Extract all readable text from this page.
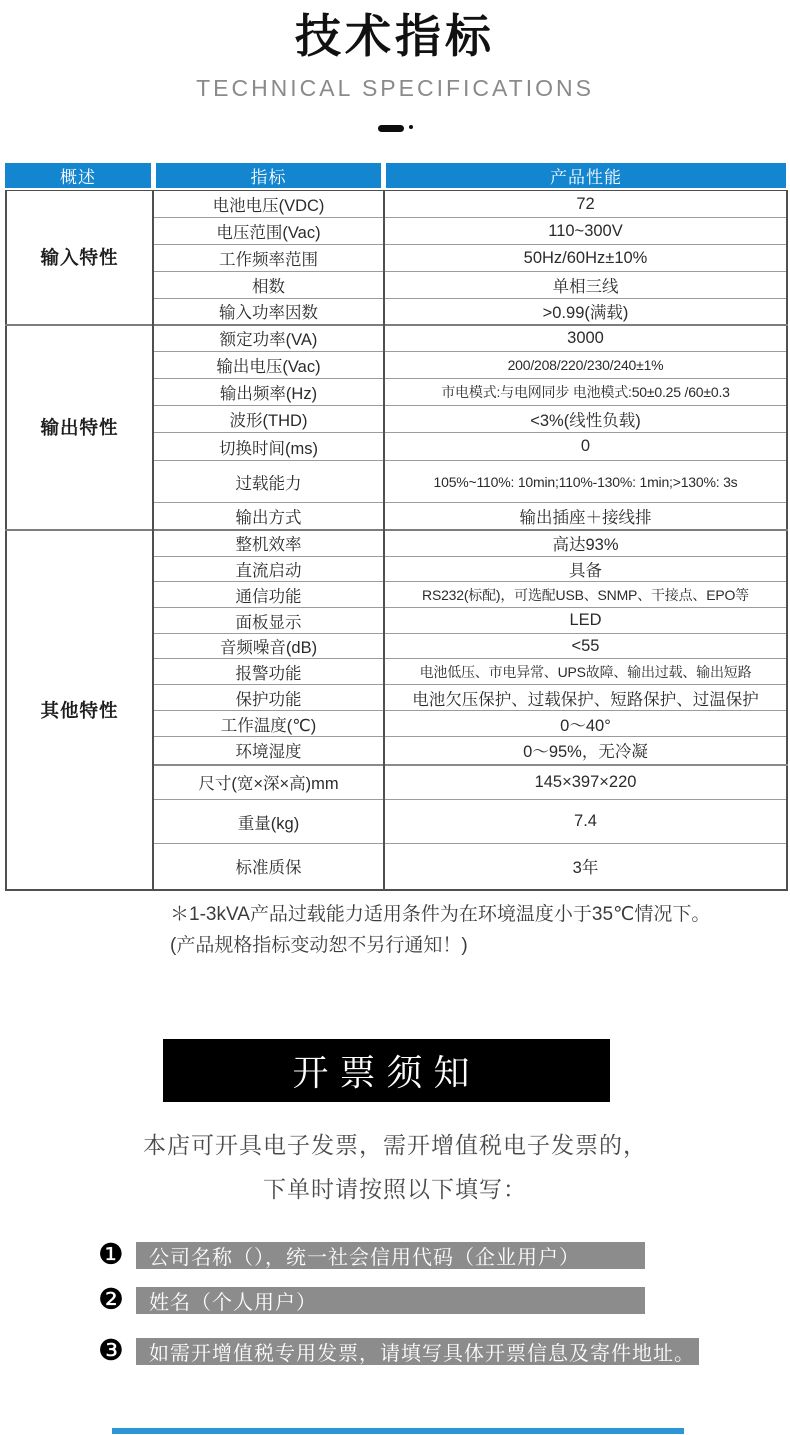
技术指标
TECHNICAL SPECIFICATIONS
概述	指标	产品性能
输入特性	电池电压(VDC)	72
	电压范围(Vac)	110~300V
	工作频率范围	50Hz/60Hz±10%
	相数	单相三线
	输入功率因数	>0.99(满载)
输出特性	额定功率(VA)	3000
	输出电压(Vac)	200/208/220/230/240±1%
	输出频率(Hz)	市电模式:与电网同步 电池模式:50±0.25 /60±0.3
	波形(THD)	<3%(线性负载)
	切换时间(ms)	0
	过载能力	105%~110%: 10min;110%-130%: 1min;>130%: 3s
	输出方式	输出插座＋接线排
其他特性	整机效率	高达93%
	直流启动	具备
	通信功能	RS232(标配)，可选配USB、SNMP、干接点、EPO等
	面板显示	LED
	音频噪音(dB)	<55
	报警功能	电池低压、市电异常、UPS故障、输出过载、输出短路
	保护功能	电池欠压保护、过载保护、短路保护、过温保护
	工作温度(℃)	0～40°
	环境湿度	0～95%，无冷凝
	尺寸(宽×深×高)mm	145×397×220
	重量(kg)	7.4
	标准质保	3年

＊1-3kVA产品过载能力适用条件为在环境温度小于35℃情况下。

(产品规格指标变动恕不另行通知！)

开票须知

本店可开具电子发票，需开增值税电子发票的，

下单时请按照以下填写：

❶	公司名称（），统一社会信用代码（企业用户）
❷	姓名（个人用户）
❸	如需开增值税专用发票，请填写具体开票信息及寄件地址。
